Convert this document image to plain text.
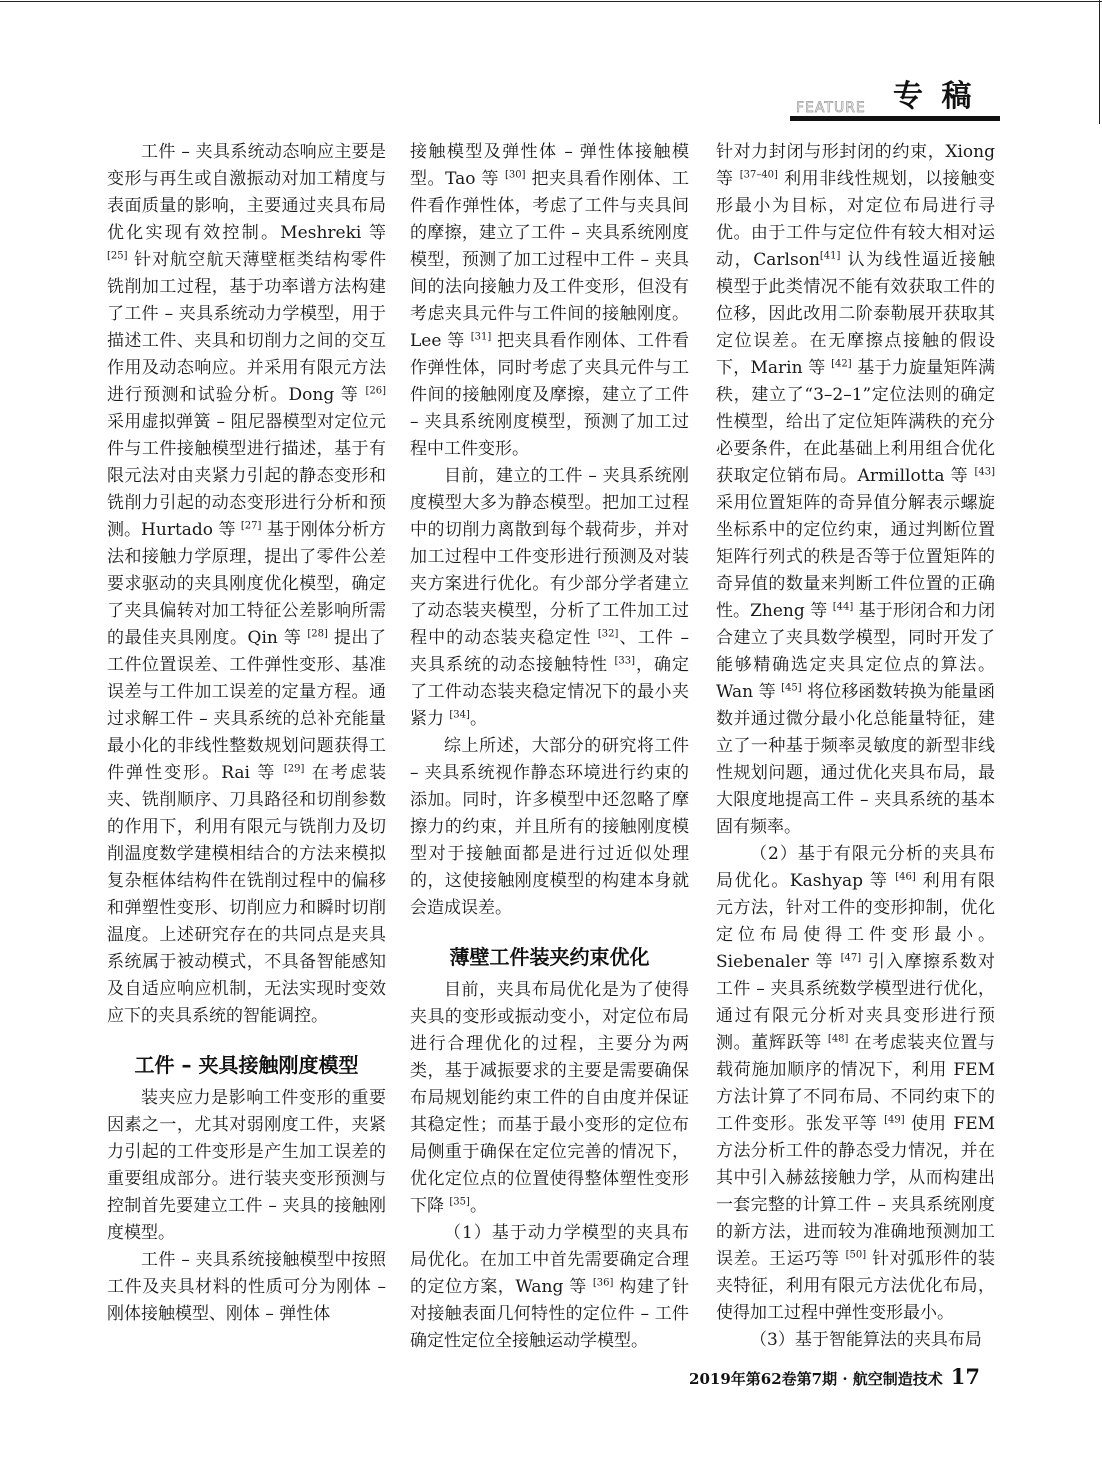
FEATURE 专 稿

工件 – 夹具系统动态响应主要是变形与再生或自激振动对加工精度与表面质量的影响，主要通过夹具布局优化实现有效控制。Meshreki 等 [25] 针对航空航天薄壁框类结构零件铣削加工过程，基于功率谱方法构建了工件 – 夹具系统动力学模型，用于描述工件、夹具和切削力之间的交互作用及动态响应。并采用有限元方法进行预测和试验分析。Dong 等 [26] 采用虚拟弹簧 – 阻尼器模型对定位元件与工件接触模型进行描述，基于有限元法对由夹紧力引起的静态变形和铣削力引起的动态变形进行分析和预测。Hurtado 等 [27] 基于刚体分析方法和接触力学原理，提出了零件公差要求驱动的夹具刚度优化模型，确定了夹具偏转对加工特征公差影响所需的最佳夹具刚度。Qin 等 [28] 提出了工件位置误差、工件弹性变形、基准误差与工件加工误差的定量方程。通过求解工件 – 夹具系统的总补充能量最小化的非线性整数规划问题获得工件弹性变形。Rai 等 [29] 在考虑装夹、铣削顺序、刀具路径和切削参数的作用下，利用有限元与铣削力及切削温度数学建模相结合的方法来模拟复杂框体结构件在铣削过程中的偏移和弹塑性变形、切削应力和瞬时切削温度。上述研究存在的共同点是夹具系统属于被动模式，不具备智能感知及自适应响应机制，无法实现时变效应下的夹具系统的智能调控。

工件 – 夹具接触刚度模型

装夹应力是影响工件变形的重要因素之一，尤其对弱刚度工件，夹紧力引起的工件变形是产生加工误差的重要组成部分。进行装夹变形预测与控制首先要建立工件 – 夹具的接触刚度模型。

工件 – 夹具系统接触模型中按照工件及夹具材料的性质可分为刚体 – 刚体接触模型、刚体 – 弹性体

接触模型及弹性体 – 弹性体接触模型。Tao 等 [30] 把夹具看作刚体、工件看作弹性体，考虑了工件与夹具间的摩擦，建立了工件 – 夹具系统刚度模型，预测了加工过程中工件 – 夹具间的法向接触力及工件变形，但没有考虑夹具元件与工件间的接触刚度。Lee 等 [31] 把夹具看作刚体、工件看作弹性体，同时考虑了夹具元件与工件间的接触刚度及摩擦，建立了工件 – 夹具系统刚度模型，预测了加工过程中工件变形。

目前，建立的工件 – 夹具系统刚度模型大多为静态模型。把加工过程中的切削力离散到每个载荷步，并对加工过程中工件变形进行预测及对装夹方案进行优化。有少部分学者建立了动态装夹模型，分析了工件加工过程中的动态装夹稳定性 [32]、工件 – 夹具系统的动态接触特性 [33]，确定了工件动态装夹稳定情况下的最小夹紧力 [34]。

综上所述，大部分的研究将工件 – 夹具系统视作静态环境进行约束的添加。同时，许多模型中还忽略了摩擦力的约束，并且所有的接触刚度模型对于接触面都是进行过近似处理的，这使接触刚度模型的构建本身就会造成误差。

薄壁工件装夹约束优化

目前，夹具布局优化是为了使得夹具的变形或振动变小，对定位布局进行合理优化的过程，主要分为两类，基于减振要求的主要是需要确保布局规划能约束工件的自由度并保证其稳定性；而基于最小变形的定位布局侧重于确保在定位完善的情况下，优化定位点的位置使得整体塑性变形下降 [35]。

（1）基于动力学模型的夹具布局优化。在加工中首先需要确定合理的定位方案，Wang 等 [36] 构建了针对接触表面几何特性的定位件 – 工件确定性定位全接触运动学模型。

针对力封闭与形封闭的约束，Xiong 等 [37–40] 利用非线性规划，以接触变形最小为目标，对定位布局进行寻优。由于工件与定位件有较大相对运动，Carlson[41] 认为线性逼近接触模型于此类情况不能有效获取工件的位移，因此改用二阶泰勒展开获取其定位误差。在无摩擦点接触的假设下，Marin 等 [42] 基于力旋量矩阵满秩，建立了“3–2–1”定位法则的确定性模型，给出了定位矩阵满秩的充分必要条件，在此基础上利用组合优化获取定位销布局。Armillotta 等 [43] 采用位置矩阵的奇异值分解表示螺旋坐标系中的定位约束，通过判断位置矩阵行列式的秩是否等于位置矩阵的奇异值的数量来判断工件位置的正确性。Zheng 等 [44] 基于形闭合和力闭合建立了夹具数学模型，同时开发了能够精确选定夹具定位点的算法。Wan 等 [45] 将位移函数转换为能量函数并通过微分最小化总能量特征，建立了一种基于频率灵敏度的新型非线性规划问题，通过优化夹具布局，最大限度地提高工件 – 夹具系统的基本固有频率。

（2）基于有限元分析的夹具布局优化。Kashyap 等 [46] 利用有限元方法，针对工件的变形抑制，优化定位布局使得工件变形最小。Siebenaler 等 [47] 引入摩擦系数对工件 – 夹具系统数学模型进行优化，通过有限元分析对夹具变形进行预测。董辉跃等 [48] 在考虑装夹位置与载荷施加顺序的情况下，利用 FEM 方法计算了不同布局、不同约束下的工件变形。张发平等 [49] 使用 FEM 方法分析工件的静态受力情况，并在其中引入赫兹接触力学，从而构建出一套完整的计算工件 – 夹具系统刚度的新方法，进而较为准确地预测加工误差。王运巧等 [50] 针对弧形件的装夹特征，利用有限元方法优化布局，使得加工过程中弹性变形最小。

（3）基于智能算法的夹具布局

2019年第62卷第7期 · 航空制造技术 17
